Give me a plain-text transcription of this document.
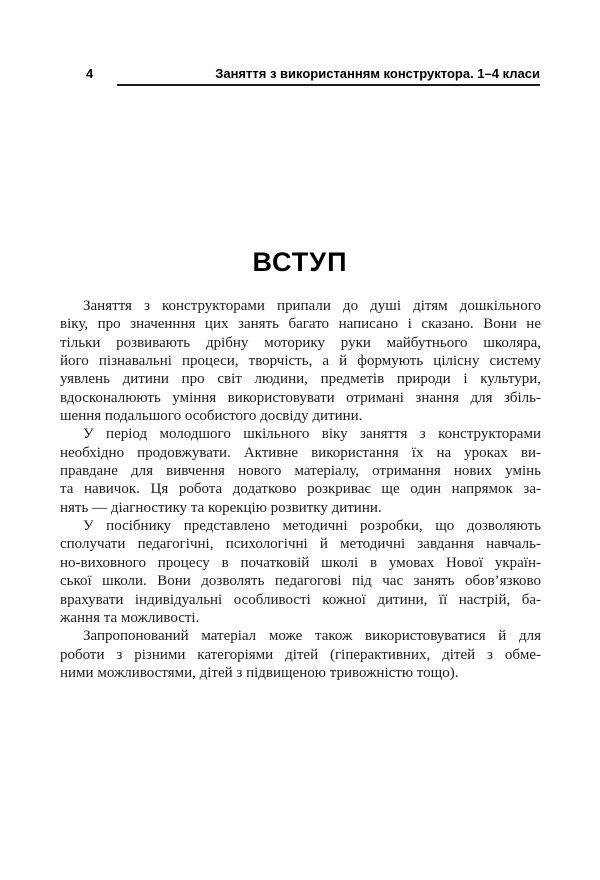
4	Заняття з використанням конструктора. 1–4 класи
ВСТУП
Заняття з конструкторами припали до душі дітям дошкільного
віку, про значенння цих занять багато написано і сказано. Вони не
тільки розвивають дрібну моторику руки майбутнього школяра,
його пізнавальні процеси, творчість, а й формують цілісну систему
уявлень дитини про світ людини, предметів природи і культури,
вдосконалюють уміння використовувати отримані знання для збіль-
шення подальшого особистого досвіду дитини.
У період молодшого шкільного віку заняття з конструкторами
необхідно продовжувати. Активне використання їх на уроках ви-
правдане для вивчення нового матеріалу, отримання нових умінь
та навичок. Ця робота додатково розкриває ще один напрямок за-
нять — діагностику та корекцію розвитку дитини.
У посібнику представлено методичні розробки, що дозволяють
сполучати педагогічні, психологічні й методичні завдання навчаль-
но-виховного процесу в початковій школі в умовах Нової україн-
ської школи. Вони дозволять педагогові під час занять обов’язково
врахувати індивідуальні особливості кожної дитини, її настрій, ба-
жання та можливості.
Запропонований матеріал може також використовуватися й для
роботи з різними категоріями дітей (гіперактивних, дітей з обме-
ними можливостями, дітей з підвищеною тривожністю тощо).
